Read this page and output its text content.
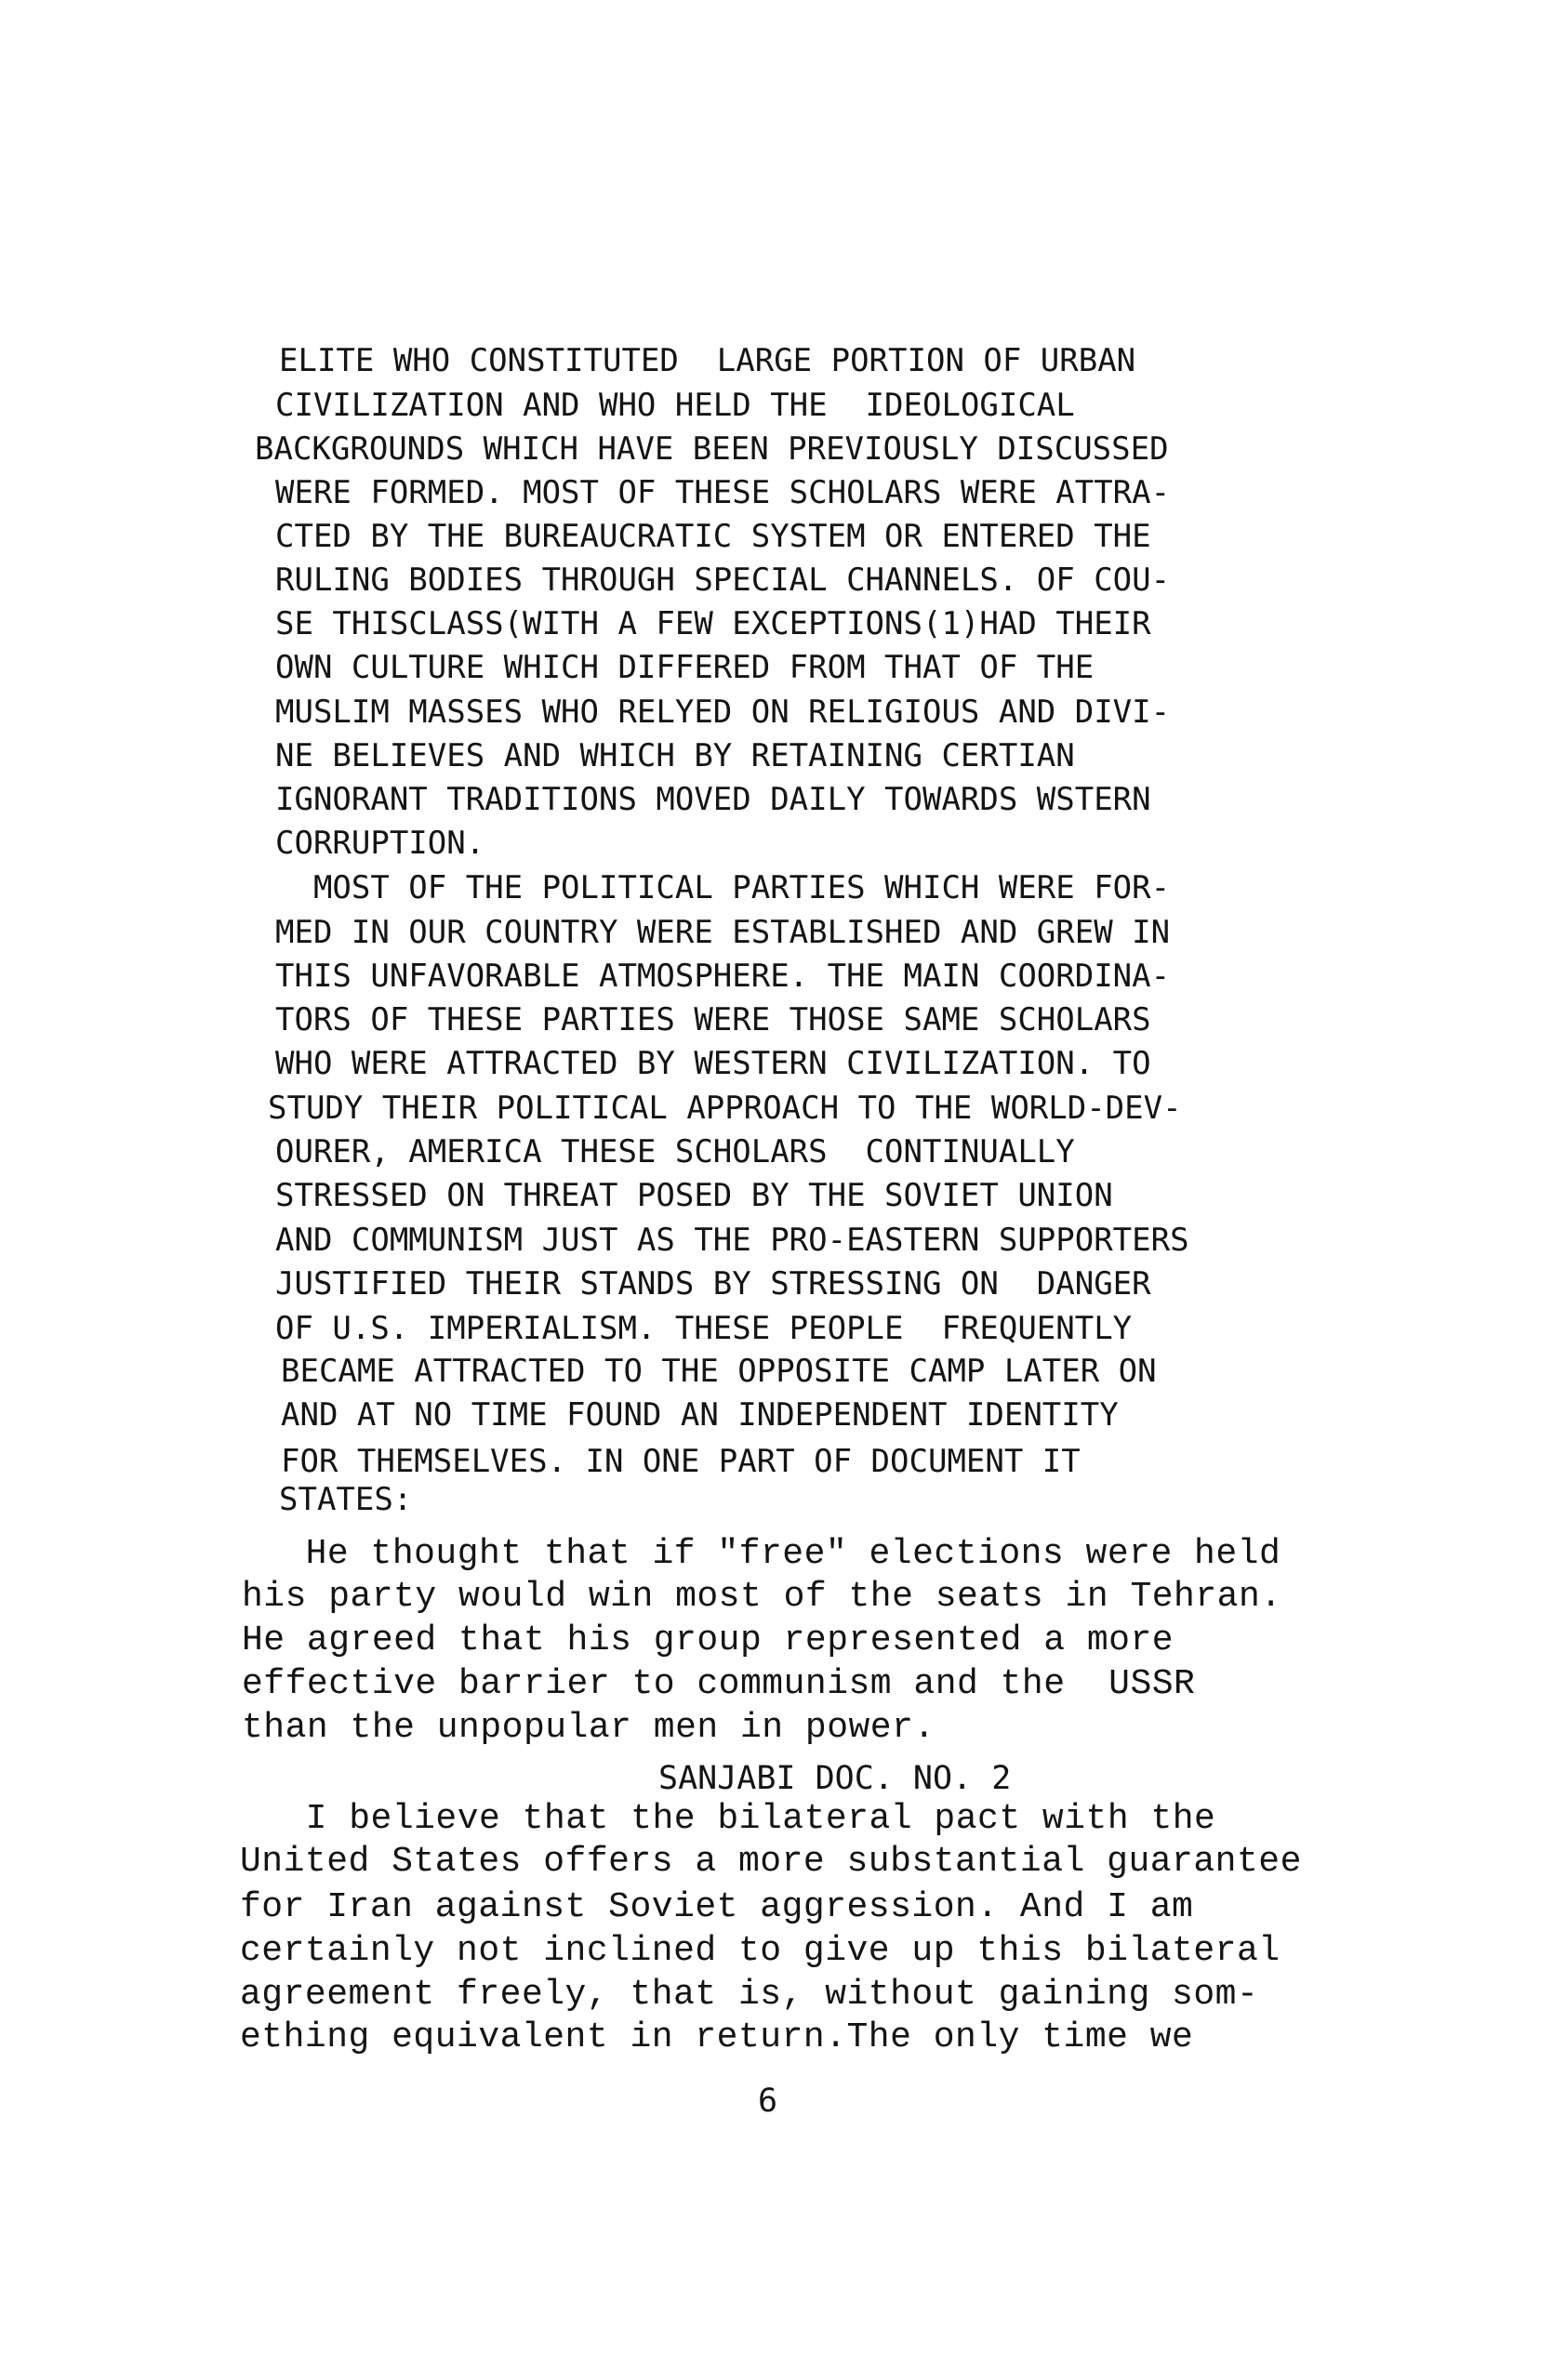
ELITE WHO CONSTITUTED  LARGE PORTION OF URBAN
CIVILIZATION AND WHO HELD THE  IDEOLOGICAL
BACKGROUNDS WHICH HAVE BEEN PREVIOUSLY DISCUSSED
WERE FORMED. MOST OF THESE SCHOLARS WERE ATTRA-
CTED BY THE BUREAUCRATIC SYSTEM OR ENTERED THE
RULING BODIES THROUGH SPECIAL CHANNELS. OF COU-
SE THISCLASS(WITH A FEW EXCEPTIONS(1)HAD THEIR
OWN CULTURE WHICH DIFFERED FROM THAT OF THE
MUSLIM MASSES WHO RELYED ON RELIGIOUS AND DIVI-
NE BELIEVES AND WHICH BY RETAINING CERTIAN
IGNORANT TRADITIONS MOVED DAILY TOWARDS WSTERN
CORRUPTION.
MOST OF THE POLITICAL PARTIES WHICH WERE FOR-
MED IN OUR COUNTRY WERE ESTABLISHED AND GREW IN
THIS UNFAVORABLE ATMOSPHERE. THE MAIN COORDINA-
TORS OF THESE PARTIES WERE THOSE SAME SCHOLARS
WHO WERE ATTRACTED BY WESTERN CIVILIZATION. TO
STUDY THEIR POLITICAL APPROACH TO THE WORLD-DEV-
OURER, AMERICA THESE SCHOLARS  CONTINUALLY
STRESSED ON THREAT POSED BY THE SOVIET UNION
AND COMMUNISM JUST AS THE PRO-EASTERN SUPPORTERS
JUSTIFIED THEIR STANDS BY STRESSING ON  DANGER
OF U.S. IMPERIALISM. THESE PEOPLE  FREQUENTLY
BECAME ATTRACTED TO THE OPPOSITE CAMP LATER ON
AND AT NO TIME FOUND AN INDEPENDENT IDENTITY
FOR THEMSELVES. IN ONE PART OF DOCUMENT IT
STATES:
He thought that if "free" elections were held
his party would win most of the seats in Tehran.
He agreed that his group represented a more
effective barrier to communism and the  USSR
than the unpopular men in power.
SANJABI DOC. NO. 2
I believe that the bilateral pact with the
United States offers a more substantial guarantee
for Iran against Soviet aggression. And I am
certainly not inclined to give up this bilateral
agreement freely, that is, without gaining som-
ething equivalent in return.The only time we
6
